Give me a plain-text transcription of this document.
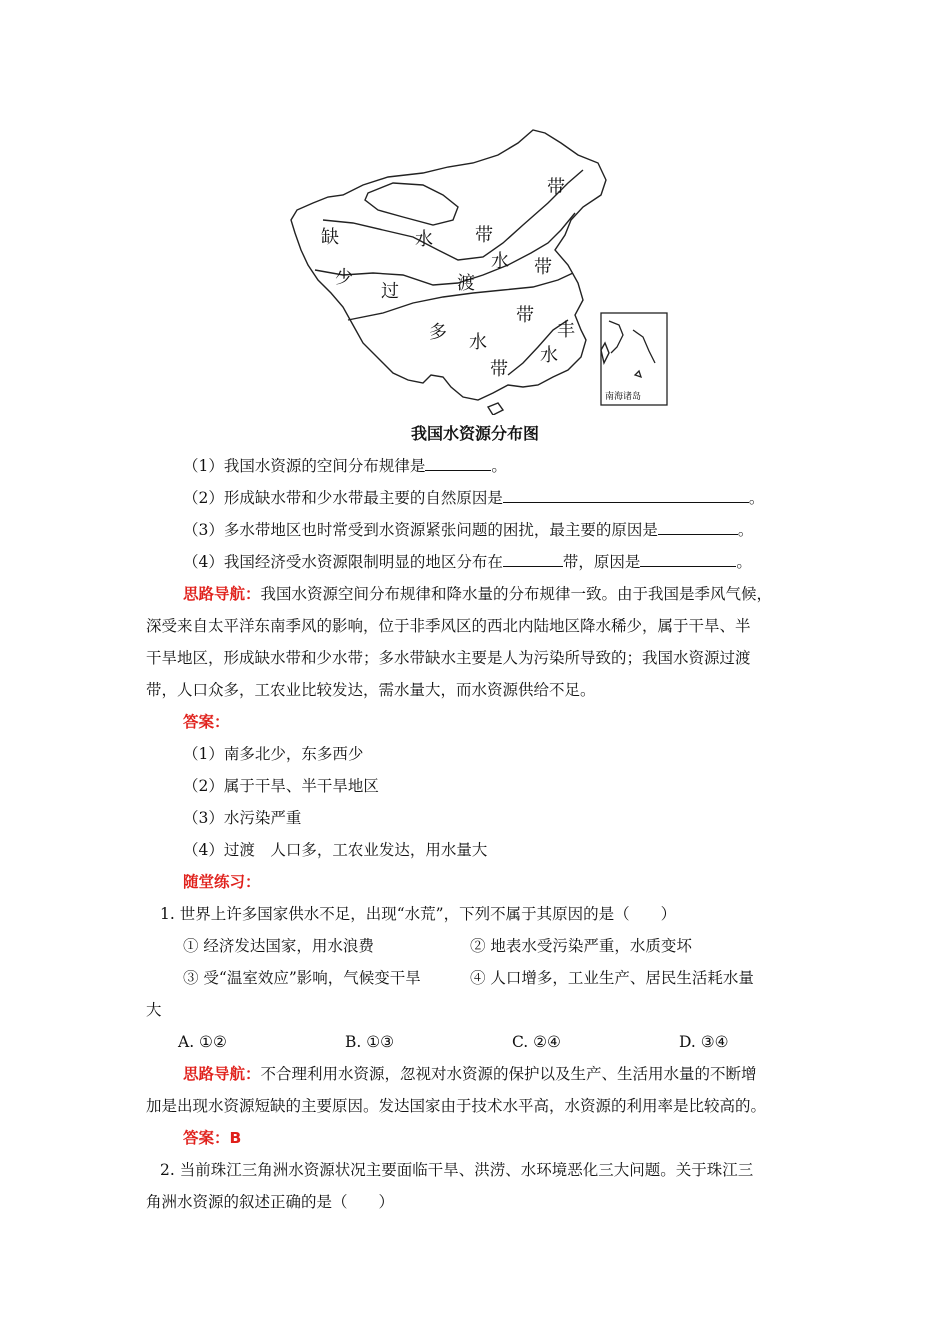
南海诸岛
带
缺	水 带
水 带
少
过	渡
带
丰
多 水
水
带
我国水资源分布图
（1）我国水资源的空间分布规律是	。
（2）形成缺水带和少水带最主要的自然原因是	。
（3）多水带地区也时常受到水资源紧张问题的困扰，最主要的原因是	。
（4）我国经济受水资源限制明显的地区分布在	带，原因是	。
思路导航：我国水资源空间分布规律和降水量的分布规律一致。由于我国是季风气候，
深受来自太平洋东南季风的影响，位于非季风区的西北内陆地区降水稀少，属于干旱、半
干旱地区，形成缺水带和少水带；多水带缺水主要是人为污染所导致的；我国水资源过渡
带，人口众多，工农业比较发达，需水量大，而水资源供给不足。
答案：
（1）南多北少，东多西少
（2）属于干旱、半干旱地区
（3）水污染严重
（4）过渡　人口多，工农业发达，用水量大
随堂练习：
1. 世界上许多国家供水不足，出现“水荒”，下列不属于其原因的是（　　）
① 经济发达国家，用水浪费	② 地表水受污染严重，水质变坏
③ 受“温室效应”影响，气候变干旱	④ 人口增多，工业生产、居民生活耗水量
大
A. ①②	B. ①③	C. ②④	D. ③④
思路导航：不合理利用水资源，忽视对水资源的保护以及生产、生活用水量的不断增
加是出现水资源短缺的主要原因。发达国家由于技术水平高，水资源的利用率是比较高的。
答案：B
2. 当前珠江三角洲水资源状况主要面临干旱、洪涝、水环境恶化三大问题。关于珠江三
角洲水资源的叙述正确的是（　　）
